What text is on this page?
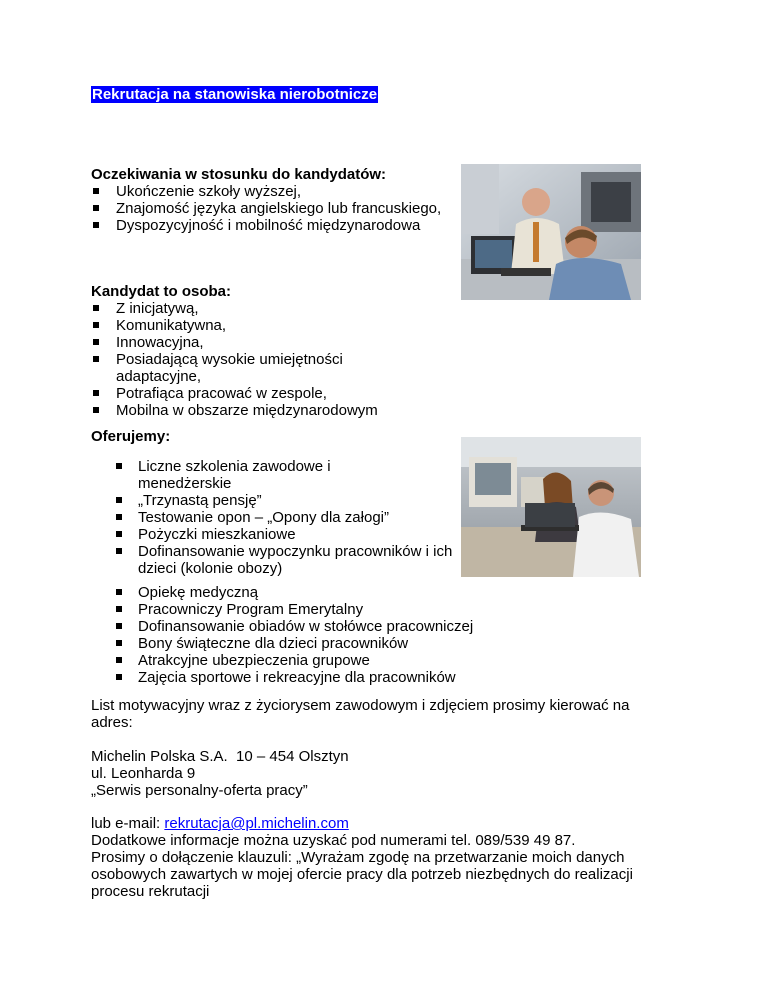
Rekrutacja na stanowiska nierobotnicze
Oczekiwania w stosunku do kandydatów:
Ukończenie szkoły wyższej,
Znajomość języka angielskiego lub francuskiego,
Dyspozycyjność i mobilność międzynarodowa
Kandydat to osoba:
Z inicjatywą,
Komunikatywna,
Innowacyjna,
Posiadającą wysokie umiejętności adaptacyjne,
Potrafiąca pracować w zespole,
Mobilna w obszarze międzynarodowym
Oferujemy:
Liczne szkolenia zawodowe i menedżerskie
„Trzynastą pensję”
Testowanie opon – „Opony dla załogi”
Pożyczki mieszkaniowe
Dofinansowanie wypoczynku pracowników i ich dzieci (kolonie obozy)
Opiekę medyczną
Pracowniczy Program Emerytalny
Dofinansowanie obiadów w stołówce pracowniczej
Bony świąteczne dla dzieci pracowników
Atrakcyjne ubezpieczenia grupowe
Zajęcia sportowe i rekreacyjne dla pracowników

List motywacyjny wraz z życiorysem zawodowym i zdjęciem prosimy kierować na adres:

Michelin Polska S.A.  10 – 454 Olsztyn

ul. Leonharda 9

„Serwis personalny-oferta pracy”

lub e-mail: rekrutacja@pl.michelin.com

Dodatkowe informacje można uzyskać pod numerami tel. 089/539 49 87.

Prosimy o dołączenie klauzuli: „Wyrażam zgodę na przetwarzanie moich danych osobowych zawartych w mojej ofercie pracy dla potrzeb niezbędnych do realizacji procesu rekrutacji
